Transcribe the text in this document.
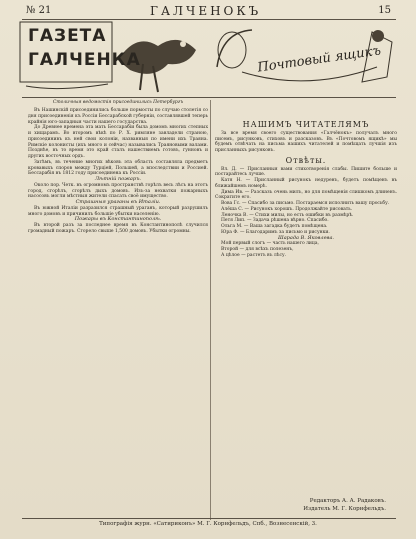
№ 21	ГАЛЧЕНОКЪ	15
ГАЗЕТА
ГАЛЧЕНКА	Почтовый ящикъ
Столичныя ведомостія присоединились Петербургъ

Въ Нашинскій присоединились больше пормосты по случаю столетія со дня присоединенія къ Россіи Бессарабской губерніи, составлявшей теперь крайнія юго-западныя части нашего государства.

До Древнее времена эта мать Бессарабіи была домомъ многих степных и хищарамъ. Во второмъ вѣкѣ по Р. X. римляне завладели страною, присоединивъ къ ней свои колоніи, названныя по имени ихъ Траяна. Римскіе колонисты (ихъ много и сейчас) назывались Траяновыми валами. Позднѣе, въ то время это край сталъ нашествиемъ готовъ, гунновъ и других восточных ордъ.

Затѣмъ, въ течение многих вѣковъ эта область составляла предметъ кровавыхъ споров между Турціей, Польшей, а впоследствии и Россией. Бессарабія въ 1812 году присоединена къ Россіи.

Лѣтній пожаръ.

Около пор. Четк. въ огромномъ пространствѣ горѣлъ весь лѣсъ на этотъ город, сгорѣлъ, сгорѣлъ дыхъ домовъ. Изъ-за нехватки пожарныхъ насосовъ могли мѣстныя жители спасать своё имущество.

Страшныя ураганы въ Италіи.

Въ южной Италіи разразился страшный ураганъ, который разрушилъ много домовъ и причинилъ большіе убытки населенію.

Пожары въ Константинополѣ.

Въ второй разъ за последнее время въ Константинополѣ случился громадный пожаръ. Сгорело свыше 1,500 домовъ. Убытки огромны.

НАШИМЪ ЧИТАТЕЛЯМЪ

За все время своего существования «Галчёнокъ» получалъ много писемъ, рисунковъ, стиховъ и разсказовъ. Въ «Почтовомъ ящикѣ» мы будемъ отвѣчать на письма нашихъ читателей и помѣщать лучшія изъ присланныхъ рисунковъ.

Отвѣты.

Вл. Д. — Присланныя вами стихотворенія слабы. Пишите больше и постарайтесь лучше.

Катя Н. — Присланный рисунокъ недуренъ, будетъ помѣщенъ въ ближайшемъ номерѣ.

Дима Ив. — Разсказъ очень милъ, но для помѣщенія слишкомъ длиненъ. Сократите его.

Вова Гс. — Спасибо за письмо. Постараемся исполнить вашу просьбу.

Алёша С. — Рисунокъ хорошъ. Продолжайте рисовать.

Леночка В. — Стихи милы, но есть ошибки въ размѣрѣ.

Петя Лип. — Задача рѣшена вѣрно. Спасибо.

Ольга М. — Ваша загадка будетъ помѣщена.

Юра Ф. — Благодаримъ за письмо и рисунки.

Шарада В. Яковлева.

Мой первый слогъ — часть нашего лица,

Второй — для всѣхъ полезенъ,

А цѣлое — растетъ въ лѣсу.

Редакторъ А. А. Радаковъ.
Издатель М. Г. Корнфельдъ.
Типографія журн. «Сатириконъ» М. Г. Корнфельдъ, Спб., Вознесенскій, 3.
